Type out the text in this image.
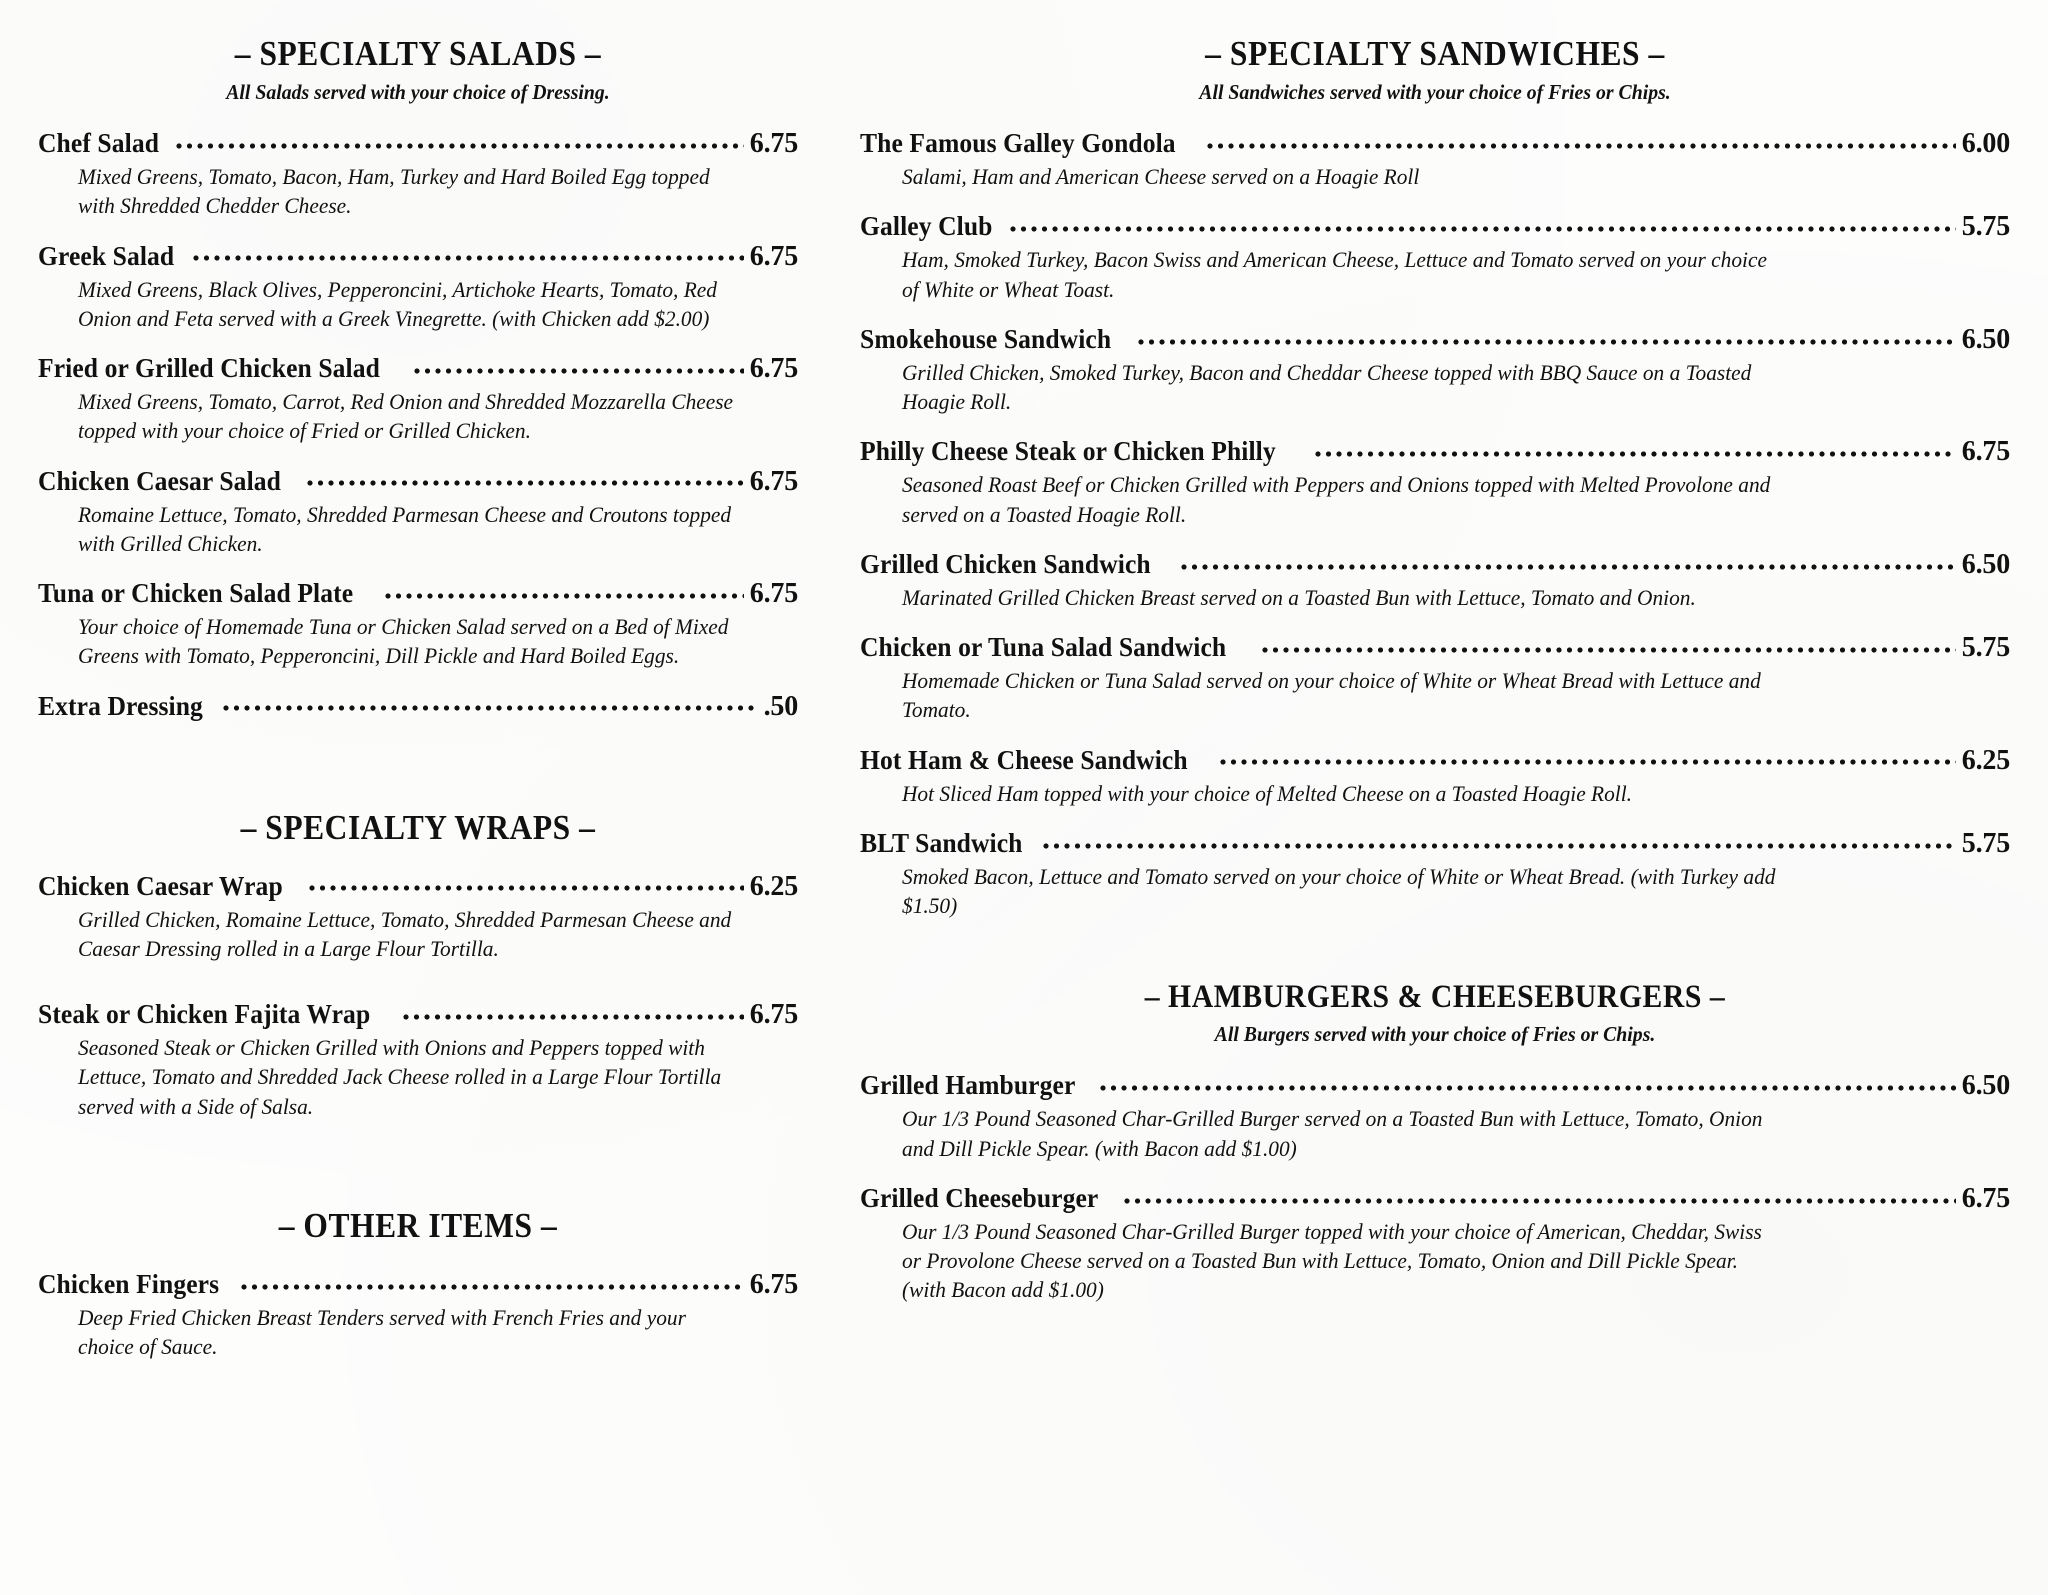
– SPECIALTY SALADS –
All Salads served with your choice of Dressing.
Chef Salad	6.75
Mixed Greens, Tomato, Bacon, Ham, Turkey and Hard Boiled Egg topped with Shredded Chedder Cheese.
Greek Salad	6.75
Mixed Greens, Black Olives, Pepperoncini, Artichoke Hearts, Tomato, Red Onion and Feta served with a Greek Vinegrette. (with Chicken add $2.00)
Fried or Grilled Chicken Salad	6.75
Mixed Greens, Tomato, Carrot, Red Onion and Shredded Mozzarella Cheese topped with your choice of Fried or Grilled Chicken.
Chicken Caesar Salad	6.75
Romaine Lettuce, Tomato, Shredded Parmesan Cheese and Croutons topped with Grilled Chicken.
Tuna or Chicken Salad Plate	6.75
Your choice of Homemade Tuna or Chicken Salad served on a Bed of Mixed Greens with Tomato, Pepperoncini, Dill Pickle and Hard Boiled Eggs.
Extra Dressing	.50
– SPECIALTY WRAPS –
Chicken Caesar Wrap	6.25
Grilled Chicken, Romaine Lettuce, Tomato, Shredded Parmesan Cheese and Caesar Dressing rolled in a Large Flour Tortilla.
Steak or Chicken Fajita Wrap	6.75
Seasoned Steak or Chicken Grilled with Onions and Peppers topped with Lettuce, Tomato and Shredded Jack Cheese rolled in a Large Flour Tortilla served with a Side of Salsa.
– OTHER ITEMS –
Chicken Fingers	6.75
Deep Fried Chicken Breast Tenders served with French Fries and your choice of Sauce.
– SPECIALTY SANDWICHES –
All Sandwiches served with your choice of Fries or Chips.
The Famous Galley Gondola	6.00
Salami, Ham and American Cheese served on a Hoagie Roll
Galley Club	5.75
Ham, Smoked Turkey, Bacon Swiss and American Cheese, Lettuce and Tomato served on your choice of White or Wheat Toast.
Smokehouse Sandwich	6.50
Grilled Chicken, Smoked Turkey, Bacon and Cheddar Cheese topped with BBQ Sauce on a Toasted Hoagie Roll.
Philly Cheese Steak or Chicken Philly	6.75
Seasoned Roast Beef or Chicken Grilled with Peppers and Onions topped with Melted Provolone and served on a Toasted Hoagie Roll.
Grilled Chicken Sandwich	6.50
Marinated Grilled Chicken Breast served on a Toasted Bun with Lettuce, Tomato and Onion.
Chicken or Tuna Salad Sandwich	5.75
Homemade Chicken or Tuna Salad served on your choice of White or Wheat Bread with Lettuce and Tomato.
Hot Ham & Cheese Sandwich	6.25
Hot Sliced Ham topped with your choice of Melted Cheese on a Toasted Hoagie Roll.
BLT Sandwich	5.75
Smoked Bacon, Lettuce and Tomato served on your choice of White or Wheat Bread. (with Turkey add $1.50)
– HAMBURGERS & CHEESEBURGERS –
All Burgers served with your choice of Fries or Chips.
Grilled Hamburger	6.50
Our 1/3 Pound Seasoned Char-Grilled Burger served on a Toasted Bun with Lettuce, Tomato, Onion and Dill Pickle Spear. (with Bacon add $1.00)
Grilled Cheeseburger	6.75
Our 1/3 Pound Seasoned Char-Grilled Burger topped with your choice of American, Cheddar, Swiss or Provolone Cheese served on a Toasted Bun with Lettuce, Tomato, Onion and Dill Pickle Spear. (with Bacon add $1.00)
